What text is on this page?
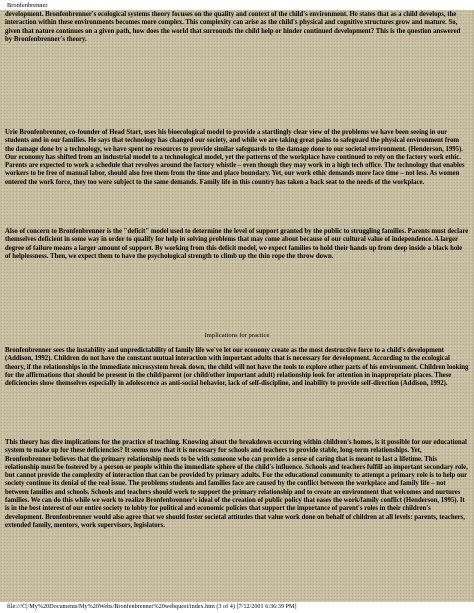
Bronfenbrenner

development. Bronfenbrenner's ecological systems theory focuses on the quality and context of the child's environment. He states that as a child develops, the interaction within these environments becomes more complex. This complexity can arise as the child's physical and cognitive structures grow and mature. So, given that nature continues on a given path, how does the world that surrounds the child help or hinder continued development? This is the question answered by Bronfenbrenner's theory.

Urie Bronfenbrenner, co-founder of Head Start, uses his bioecological model to provide a startlingly clear view of the problems we have been seeing in our students and in our families. He says that technology has changed our society, and while we are taking great pains to safeguard the physical environment from the damage done by a technology, we have spent no resources to provide similar safeguards to the damage done to our societal environment. (Henderson, 1995). Our economy has shifted from an industrial model to a technological model, yet the patterns of the workplace have continued to rely on the factory work ethic. Parents are expected to work a schedule that revolves around the factory whistle – even though they may work in a high tech office. The technology that enables workers to be free of manual labor, should also free them from the time and place boundary. Yet, our work ethic demands more face time – not less. As women entered the work force, they too were subject to the same demands. Family life in this country has taken a back seat to the needs of the workplace.

Also of concern to Bronfenbrenner is the "deficit" model used to determine the level of support granted by the public to struggling families. Parents must declare themselves deficient in some way in order to qualify for help in solving problems that may come about because of our cultural value of independence. A larger degree of failure means a larger amount of support. By working from this deficit model, we expect families to hold their hands up from deep inside a black hole of helplessness. Then, we expect them to have the psychological strength to climb up the thin rope the throw down.

Implications for practice

Bronfenbrenner sees the instability and unpredictability of family life we've let our economy create as the most destructive force to a child's development (Addison, 1992). Children do not have the constant mutual interaction with important adults that is necessary for development. According to the ecological theory, if the relationships in the immediate microsystem break down, the child will not have the tools to explore other parts of his environment. Children looking for the affirmations that should be present in the child/parent (or child/other important adult) relationship look for attention in inappropriate places. These deficiencies show themselves especially in adolescence as anti-social behavior, lack of self-discipline, and inability to provide self-direction (Addison, 1992).

This theory has dire implications for the practice of teaching. Knowing about the breakdown occurring within children's homes, is it possible for our educational system to make up for these deficiencies? It seems now that it is necessary for schools and teachers to provide stable, long-term relationships. Yet, Bronfenbrenner believes that the primary relationship needs to be with someone who can provide a sense of caring that is meant to last a lifetime. This relationship must be fostered by a person or people within the immediate sphere of the child's influence. Schools and teachers fulfill an important secondary role, but cannot provide the complexity of interaction that can be provided by primary adults. For the educational community to attempt a primary role is to help our society continue its denial of the real issue. The problems students and families face are caused by the conflict between the workplace and family life – not between families and schools. Schools and teachers should work to support the primary relationship and to create an environment that welcomes and nurtures families. We can do this while we work to realize Bronfenbrenner's ideal of the creation of public policy that eases the work/family conflict (Henderson, 1995). It is in the best interest of our entire society to lobby for political and economic policies that support the importance of parent's roles in their children's development. Bronfenbrenner would also agree that we should foster societal attitudes that value work done on behalf of children at all levels: parents, teachers, extended family, mentors, work supervisors, legislators.

file:///C|/My%20Documents/My%20Webs/Bronfenbrenner%20webquest/index.htm (3 of 4) [7/12/2001 6:36:39 PM]
